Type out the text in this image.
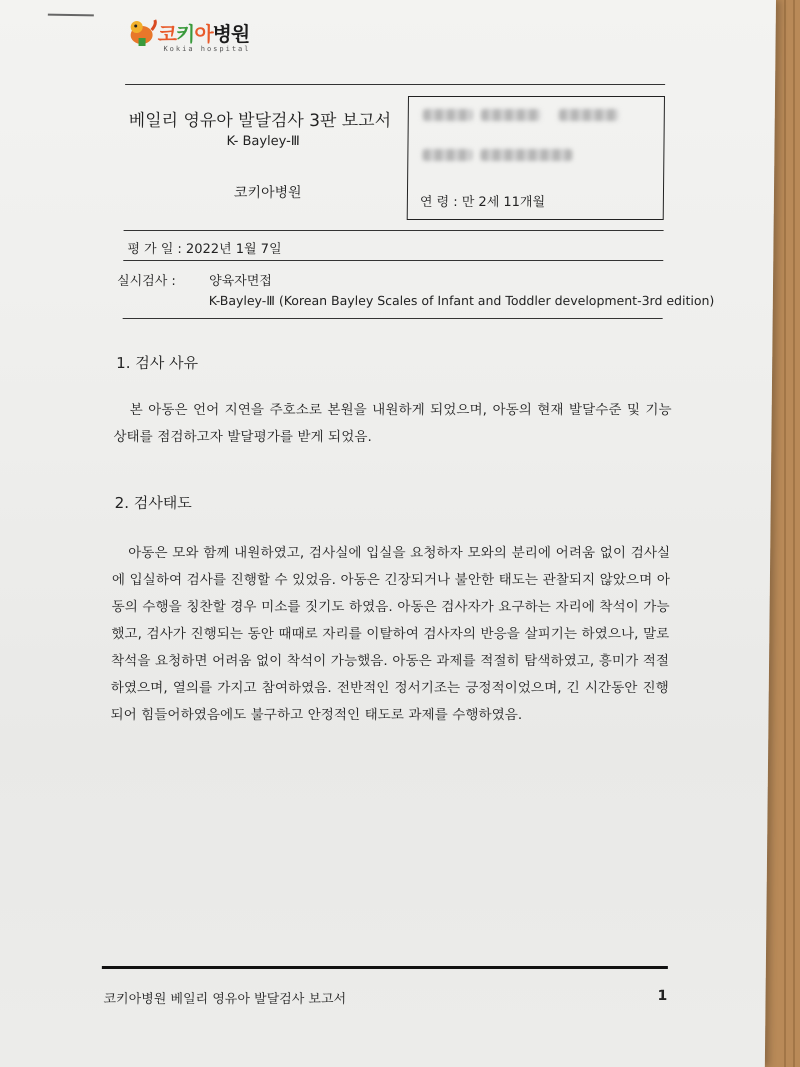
코키아병원
Kokia hospital
베일리 영유아 발달검사 3판 보고서
K- Bayley-Ⅲ
코키아병원
연 령 : 만 2세 11개월
평 가 일 : 2022년 1월 7일
실시검사 :	양육자면접
K-Bayley-Ⅲ (Korean Bayley Scales of Infant and Toddler development-3rd edition)
1. 검사 사유
본 아동은 언어 지연을 주호소로 본원을 내원하게 되었으며, 아동의 현재 발달수준 및 기능 상태를 점검하고자 발달평가를 받게 되었음.
2. 검사태도
아동은 모와 함께 내원하였고, 검사실에 입실을 요청하자 모와의 분리에 어려움 없이 검사실에 입실하여 검사를 진행할 수 있었음. 아동은 긴장되거나 불안한 태도는 관찰되지 않았으며 아동의 수행을 칭찬할 경우 미소를 짓기도 하였음. 아동은 검사자가 요구하는 자리에 착석이 가능했고, 검사가 진행되는 동안 때때로 자리를 이탈하여 검사자의 반응을 살피기는 하였으나, 말로 착석을 요청하면 어려움 없이 착석이 가능했음. 아동은 과제를 적절히 탐색하였고, 흥미가 적절하였으며, 열의를 가지고 참여하였음. 전반적인 정서기조는 긍정적이었으며, 긴 시간동안 진행되어 힘들어하였음에도 불구하고 안정적인 태도로 과제를 수행하였음.
코키아병원 베일리 영유아 발달검사 보고서	1
